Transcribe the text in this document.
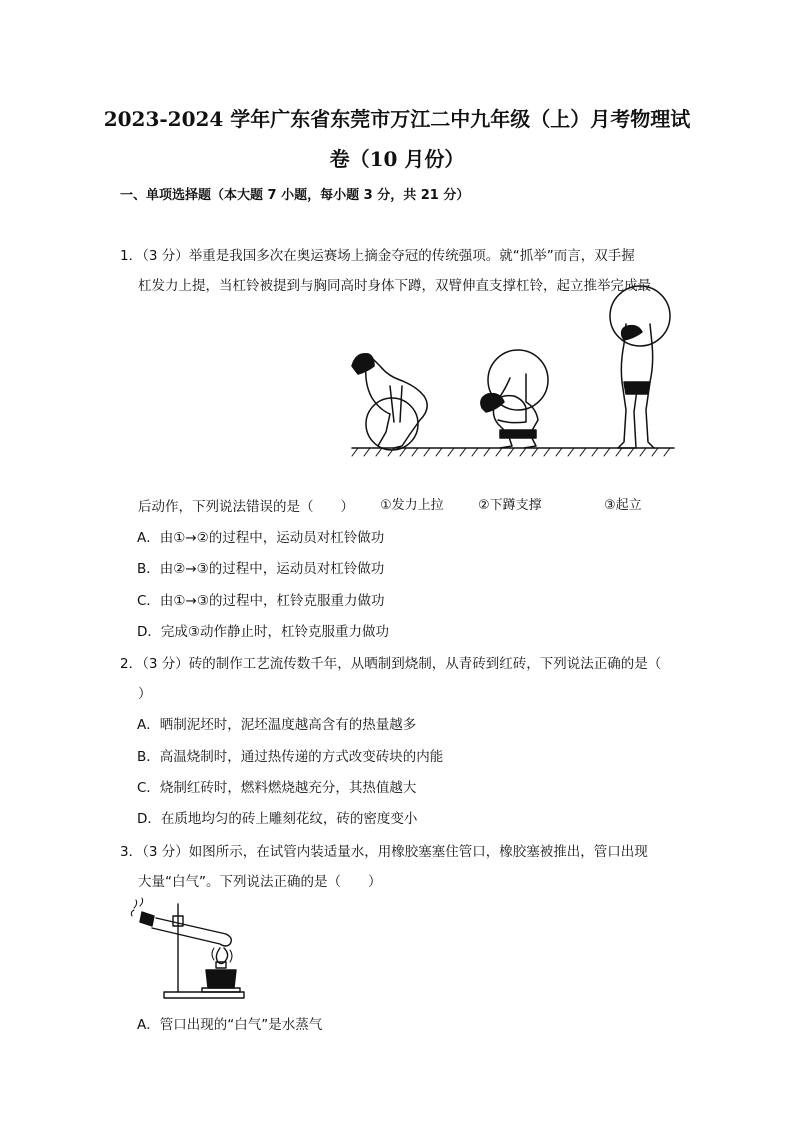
2023-2024 学年广东省东莞市万江二中九年级（上）月考物理试
卷（10 月份）
一、单项选择题（本大题 7 小题，每小题 3 分，共 21 分）
1．（3 分）举重是我国多次在奥运赛场上摘金夺冠的传统强项。就“抓举”而言，双手握
杠发力上提，当杠铃被提到与胸同高时身体下蹲，双臂伸直支撑杠铃，起立推举完成最
后动作，下列说法错误的是（　　） ①发力上拉	②下蹲支撑	③起立
A．由①→②的过程中，运动员对杠铃做功
B．由②→③的过程中，运动员对杠铃做功
C．由①→③的过程中，杠铃克服重力做功
D．完成③动作静止时，杠铃克服重力做功
2．（3 分）砖的制作工艺流传数千年，从晒制到烧制，从青砖到红砖，下列说法正确的是（
）
A．晒制泥坯时，泥坯温度越高含有的热量越多
B．高温烧制时，通过热传递的方式改变砖块的内能
C．烧制红砖时，燃料燃烧越充分，其热值越大
D．在质地均匀的砖上雕刻花纹，砖的密度变小
3．（3 分）如图所示，在试管内装适量水，用橡胶塞塞住管口，橡胶塞被推出，管口出现
大量“白气”。下列说法正确的是（　　）
A．管口出现的“白气”是水蒸气
